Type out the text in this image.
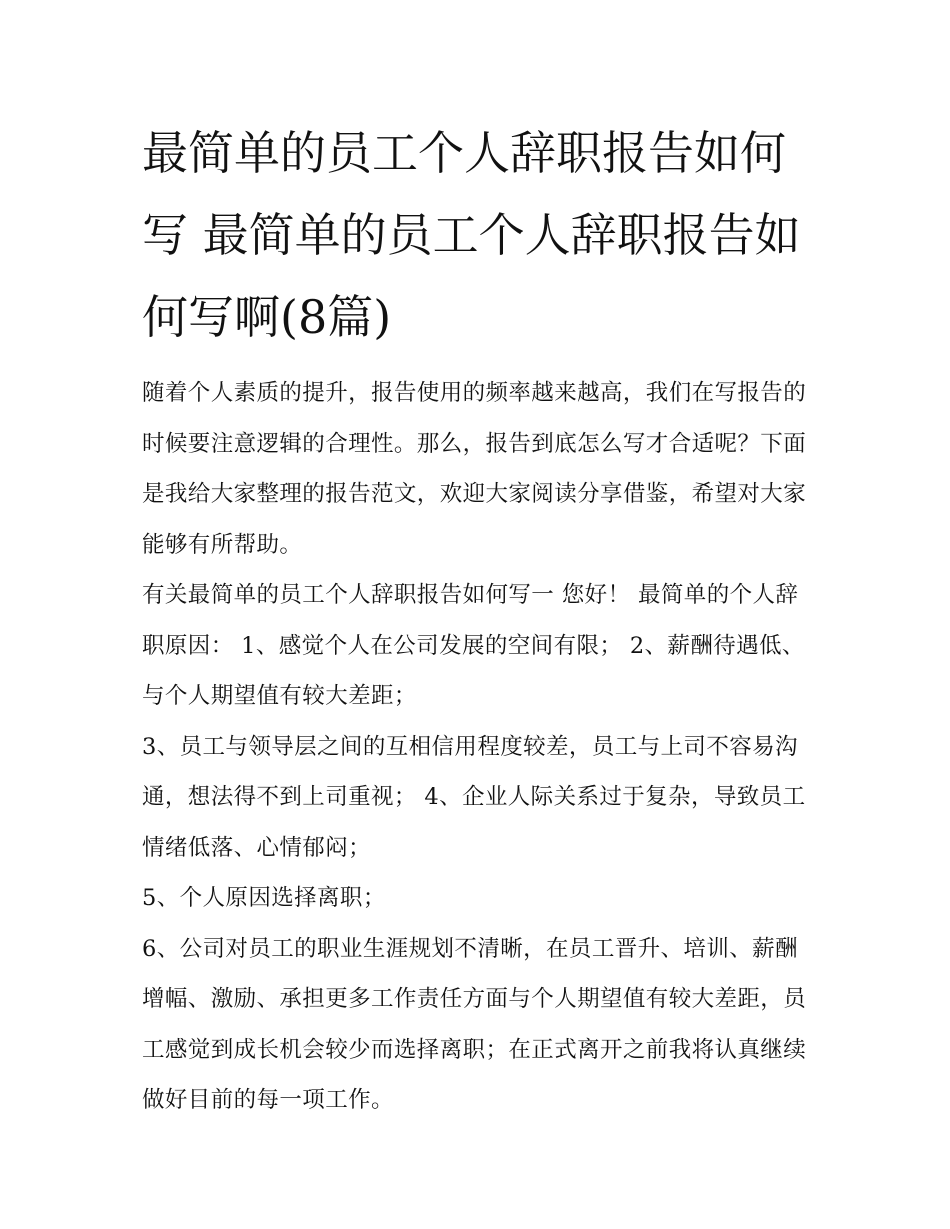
最简单的员工个人辞职报告如何写 最简单的员工个人辞职报告如何写啊(8篇)

随着个人素质的提升，报告使用的频率越来越高，我们在写报告的时候要注意逻辑的合理性。那么，报告到底怎么写才合适呢？下面是我给大家整理的报告范文，欢迎大家阅读分享借鉴，希望对大家能够有所帮助。

有关最简单的员工个人辞职报告如何写一 您好！ 最简单的个人辞职原因： 1、感觉个人在公司发展的空间有限； 2、薪酬待遇低、与个人期望值有较大差距；

3、员工与领导层之间的互相信用程度较差，员工与上司不容易沟通，想法得不到上司重视； 4、企业人际关系过于复杂，导致员工情绪低落、心情郁闷；

5、个人原因选择离职；

6、公司对员工的职业生涯规划不清晰，在员工晋升、培训、薪酬增幅、激励、承担更多工作责任方面与个人期望值有较大差距，员工感觉到成长机会较少而选择离职；在正式离开之前我将认真继续做好目前的每一项工作。
